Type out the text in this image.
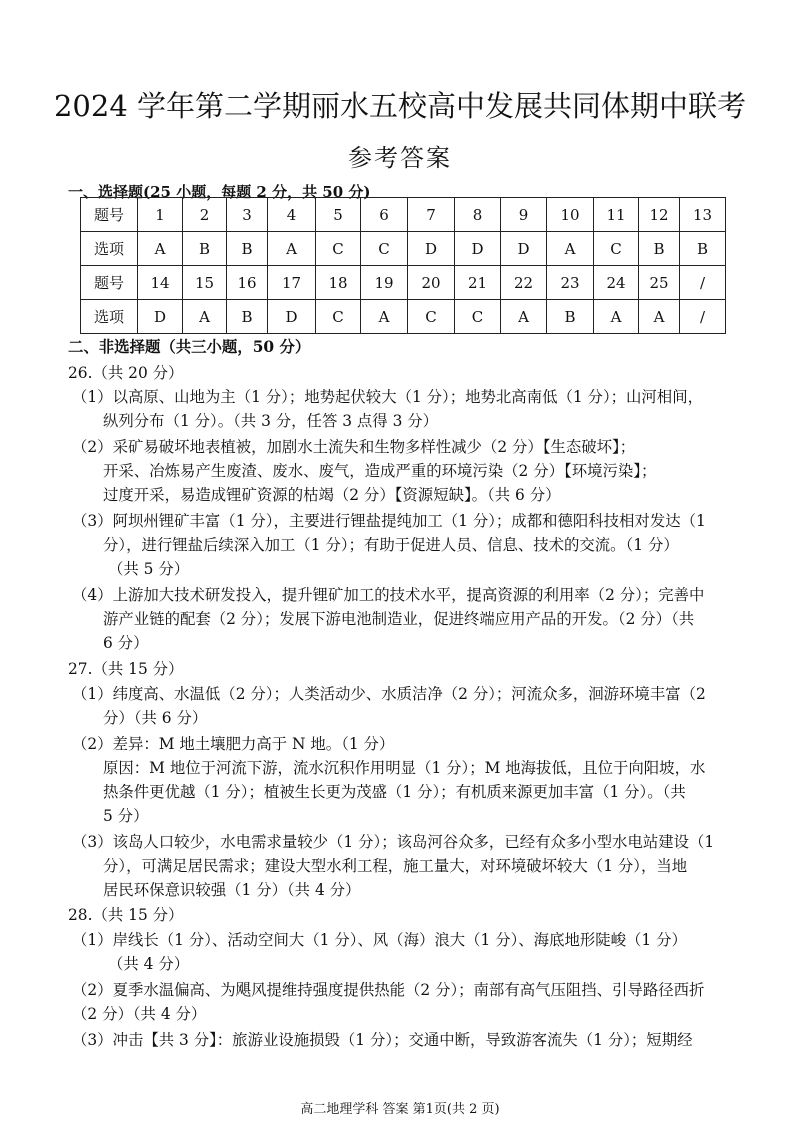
2024 学年第二学期丽水五校高中发展共同体期中联考
参考答案
一、选择题(25 小题，每题 2 分，共 50 分)
题号	1	2	3	4	5	6	7	8	9	10	11	12	13
选项	A	B	B	A	C	C	D	D	D	A	C	B	B
题号	14	15	16	17	18	19	20	21	22	23	24	25	/
选项	D	A	B	D	C	A	C	C	A	B	A	A	/
二、非选择题（共三小题，50 分）
26.（共 20 分）
（1）以高原、山地为主（1 分）；地势起伏较大（1 分）；地势北高南低（1 分）；山河相间，
纵列分布（1 分）。（共 3 分，任答 3 点得 3 分）
（2）采矿易破坏地表植被，加剧水土流失和生物多样性减少（2 分）【生态破坏】；
开采、冶炼易产生废渣、废水、废气，造成严重的环境污染（2 分）【环境污染】；
过度开采，易造成锂矿资源的枯竭（2 分）【资源短缺】。（共 6 分）
（3）阿坝州锂矿丰富（1 分），主要进行锂盐提纯加工（1 分）；成都和德阳科技相对发达（1
分），进行锂盐后续深入加工（1 分）；有助于促进人员、信息、技术的交流。（1 分）
（共 5 分）
（4）上游加大技术研发投入，提升锂矿加工的技术水平，提高资源的利用率（2 分）；完善中
游产业链的配套（2 分）；发展下游电池制造业，促进终端应用产品的开发。（2 分）（共
6 分）
27.（共 15 分）
（1）纬度高、水温低（2 分）；人类活动少、水质洁净（2 分）；河流众多，洄游环境丰富（2
分）（共 6 分）
（2）差异：M 地土壤肥力高于 N 地。（1 分）
原因：M 地位于河流下游，流水沉积作用明显（1 分）；M 地海拔低，且位于向阳坡，水
热条件更优越（1 分）；植被生长更为茂盛（1 分）；有机质来源更加丰富（1 分）。（共
5 分）
（3）该岛人口较少，水电需求量较少（1 分）；该岛河谷众多，已经有众多小型水电站建设（1
分），可满足居民需求；建设大型水利工程，施工量大，对环境破坏较大（1 分），当地
居民环保意识较强（1 分）（共 4 分）
28.（共 15 分）
（1）岸线长（1 分）、活动空间大（1 分）、风（海）浪大（1 分）、海底地形陡峻（1 分）
（共 4 分）
（2）夏季水温偏高、为飓风提维持强度提供热能（2 分）；南部有高气压阻挡、引导路径西折
（2 分）（共 4 分）
（3）冲击【共 3 分】：旅游业设施损毁（1 分）；交通中断，导致游客流失（1 分）；短期经
高二地理学科 答案 第1页(共 2 页)
